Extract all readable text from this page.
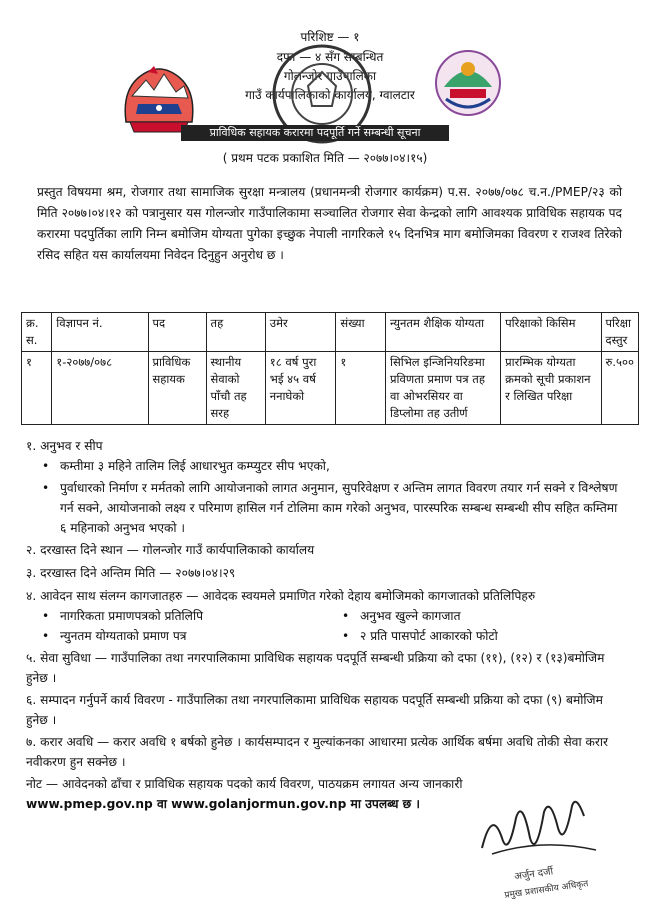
परिशिष्ट — १
दफा — ४ सँग सम्बन्धित
गोलन्जोर गाउँपालिका
गाउँ कार्यपालिकाको कार्यालय, ग्वालटार
प्राविधिक सहायक करारमा पदपूर्ति गर्ने सम्बन्धी सूचना
( प्रथम पटक प्रकाशित मिति — २०७७।०४।१५)
प्रस्तुत विषयमा श्रम, रोजगार तथा सामाजिक सुरक्षा मन्त्रालय (प्रधानमन्त्री रोजगार कार्यक्रम) प.स. २०७७/०७८ च.न./PMEP/२३ को मिति २०७७।०४।१२ को पत्रानुसार यस गोलन्जोर गाउँपालिकामा सञ्चालित रोजगार सेवा केन्द्रको लागि आवश्यक प्राविधिक सहायक पद करारमा पदपुर्तिका लागि निम्न बमोजिम योग्यता पुगेका इच्छुक नेपाली नागरिकले १५ दिनभित्र माग बमोजिमका विवरण र राजश्व तिरेको रसिद सहित यस कार्यालयमा निवेदन दिनुहुन अनुरोध छ ।
क्र. स.	विज्ञापन नं.	पद	तह	उमेर	संख्या	न्युनतम शैक्षिक योग्यता	परिक्षाको किसिम	परिक्षा दस्तुर
१	१-२०७७/०७८	प्राविधिक सहायक	स्थानीय सेवाको पाँचौ तह सरह	१८ वर्ष पुरा भई ४५ वर्ष ननाघेको	१	सिभिल इन्जिनियरिङमा प्रविणता प्रमाण पत्र तह वा ओभरसियर वा डिप्लोमा तह उतीर्ण	प्रारम्भिक योग्यता क्रमको सूची प्रकाशन र लिखित परिक्षा	रु.५००
१. अनुभव र सीप
• कम्तीमा ३ महिने तालिम लिई आधारभुत कम्प्युटर सीप भएको,
• पुर्वाधारको निर्माण र मर्मतको लागि आयोजनाको लागत अनुमान, सुपरिवेक्षण र अन्तिम लागत विवरण तयार गर्न सक्ने र विश्लेषण गर्न सक्ने, आयोजनाको लक्ष्य र परिमाण हासिल गर्न टोलिमा काम गरेको अनुभव, पारस्परिक सम्बन्ध सम्बन्धी सीप सहित कम्तिमा ६ महिनाको अनुभव भएको ।
२. दरखास्त दिने स्थान — गोलन्जोर गाउँ कार्यपालिकाको कार्यालय
३. दरखास्त दिने अन्तिम मिति — २०७७।०४।२९
४. आवेदन साथ संलग्न कागजातहरु — आवेदक स्वयमले प्रमाणित गरेको देहाय बमोजिमको कागजातको प्रतिलिपिहरु
• नागरिकता प्रमाणपत्रको प्रतिलिपि	• अनुभव खुल्ने कागजात
• न्युनतम योग्यताको प्रमाण पत्र	• २ प्रति पासपोर्ट आकारको फोटो
५. सेवा सुविधा — गाउँपालिका तथा नगरपालिकामा प्राविधिक सहायक पदपूर्ति सम्बन्धी प्रक्रिया को दफा (११), (१२) र (१३)बमोजिम हुनेछ ।
६. सम्पादन गर्नुपर्ने कार्य विवरण - गाउँपालिका तथा नगरपालिकामा प्राविधिक सहायक पदपूर्ति सम्बन्धी प्रक्रिया को दफा (९) बमोजिम हुनेछ ।
७. करार अवधि — करार अवधि १ बर्षको हुनेछ । कार्यसम्पादन र मुल्यांकनका आधारमा प्रत्येक आर्थिक बर्षमा अवधि तोकी सेवा करार नवीकरण हुन सक्नेछ ।
नोट — आवेदनको ढाँचा र प्राविधिक सहायक पदको कार्य विवरण, पाठयक्रम लगायत अन्य जानकारी
www.pmep.gov.np वा www.golanjormun.gov.np मा उपलब्ध छ ।
अर्जुन दर्जी
प्रमुख प्रशासकीय अधिकृत
